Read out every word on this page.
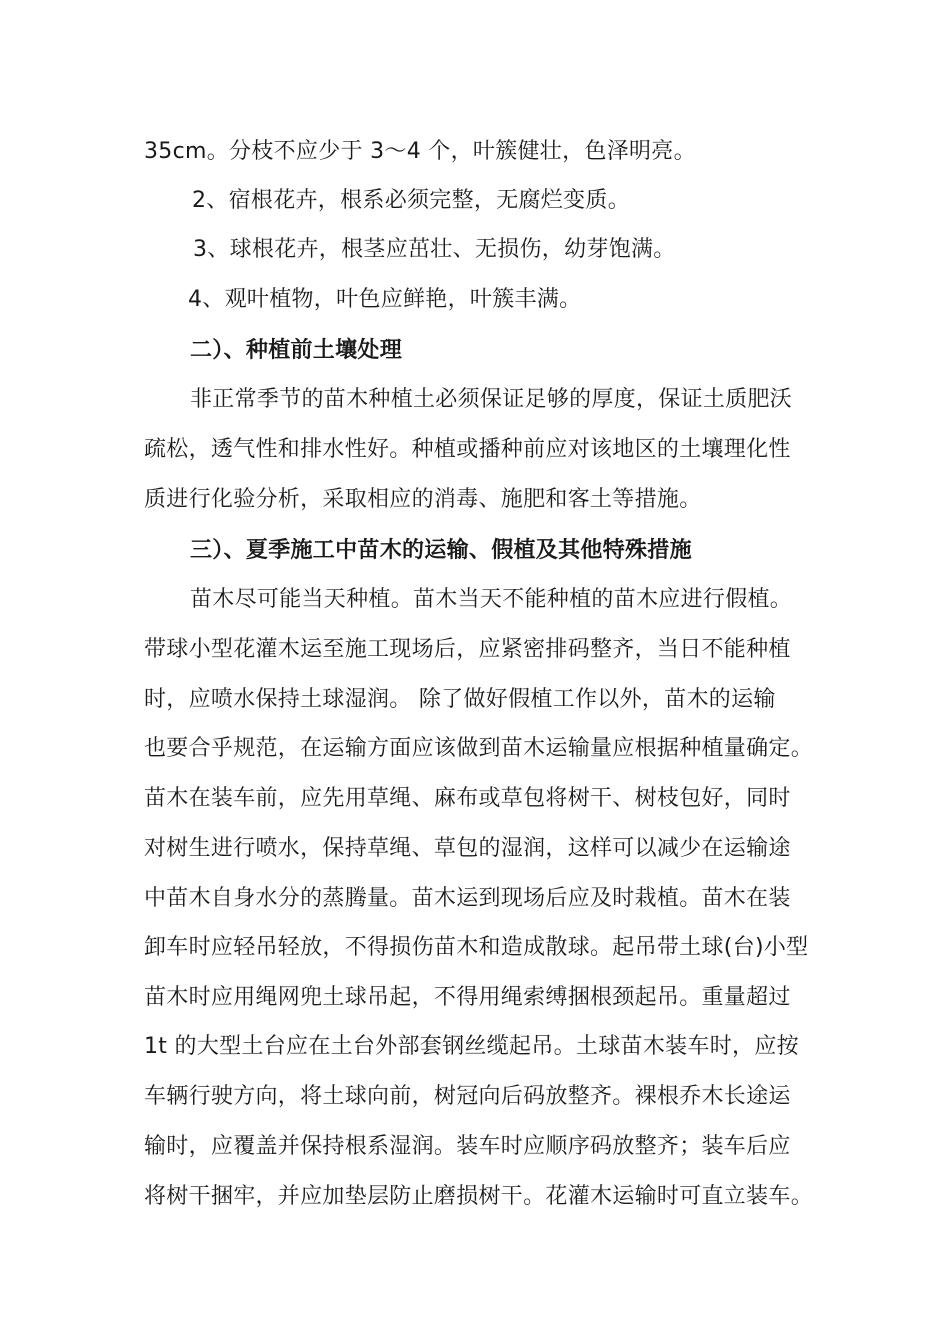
35cm。分枝不应少于 3～4 个，叶簇健壮，色泽明亮。
2、宿根花卉，根系必须完整，无腐烂变质。
3、球根花卉，根茎应茁壮、无损伤，幼芽饱满。
4、观叶植物，叶色应鲜艳，叶簇丰满。
二）、种植前土壤处理
非正常季节的苗木种植土必须保证足够的厚度，保证土质肥沃
疏松，透气性和排水性好。种植或播种前应对该地区的土壤理化性
质进行化验分析，采取相应的消毒、施肥和客土等措施。
三）、夏季施工中苗木的运输、假植及其他特殊措施
苗木尽可能当天种植。苗木当天不能种植的苗木应进行假植。
带球小型花灌木运至施工现场后，应紧密排码整齐，当日不能种植
时，应喷水保持土球湿润。 除了做好假植工作以外，苗木的运输
也要合乎规范，在运输方面应该做到苗木运输量应根据种植量确定。
苗木在装车前，应先用草绳、麻布或草包将树干、树枝包好，同时
对树生进行喷水，保持草绳、草包的湿润，这样可以减少在运输途
中苗木自身水分的蒸腾量。苗木运到现场后应及时栽植。苗木在装
卸车时应轻吊轻放，不得损伤苗木和造成散球。起吊带土球(台)小型
苗木时应用绳网兜土球吊起，不得用绳索缚捆根颈起吊。重量超过
1t 的大型土台应在土台外部套钢丝缆起吊。土球苗木装车时，应按
车辆行驶方向，将土球向前，树冠向后码放整齐。裸根乔木长途运
输时，应覆盖并保持根系湿润。装车时应顺序码放整齐；装车后应
将树干捆牢，并应加垫层防止磨损树干。花灌木运输时可直立装车。
